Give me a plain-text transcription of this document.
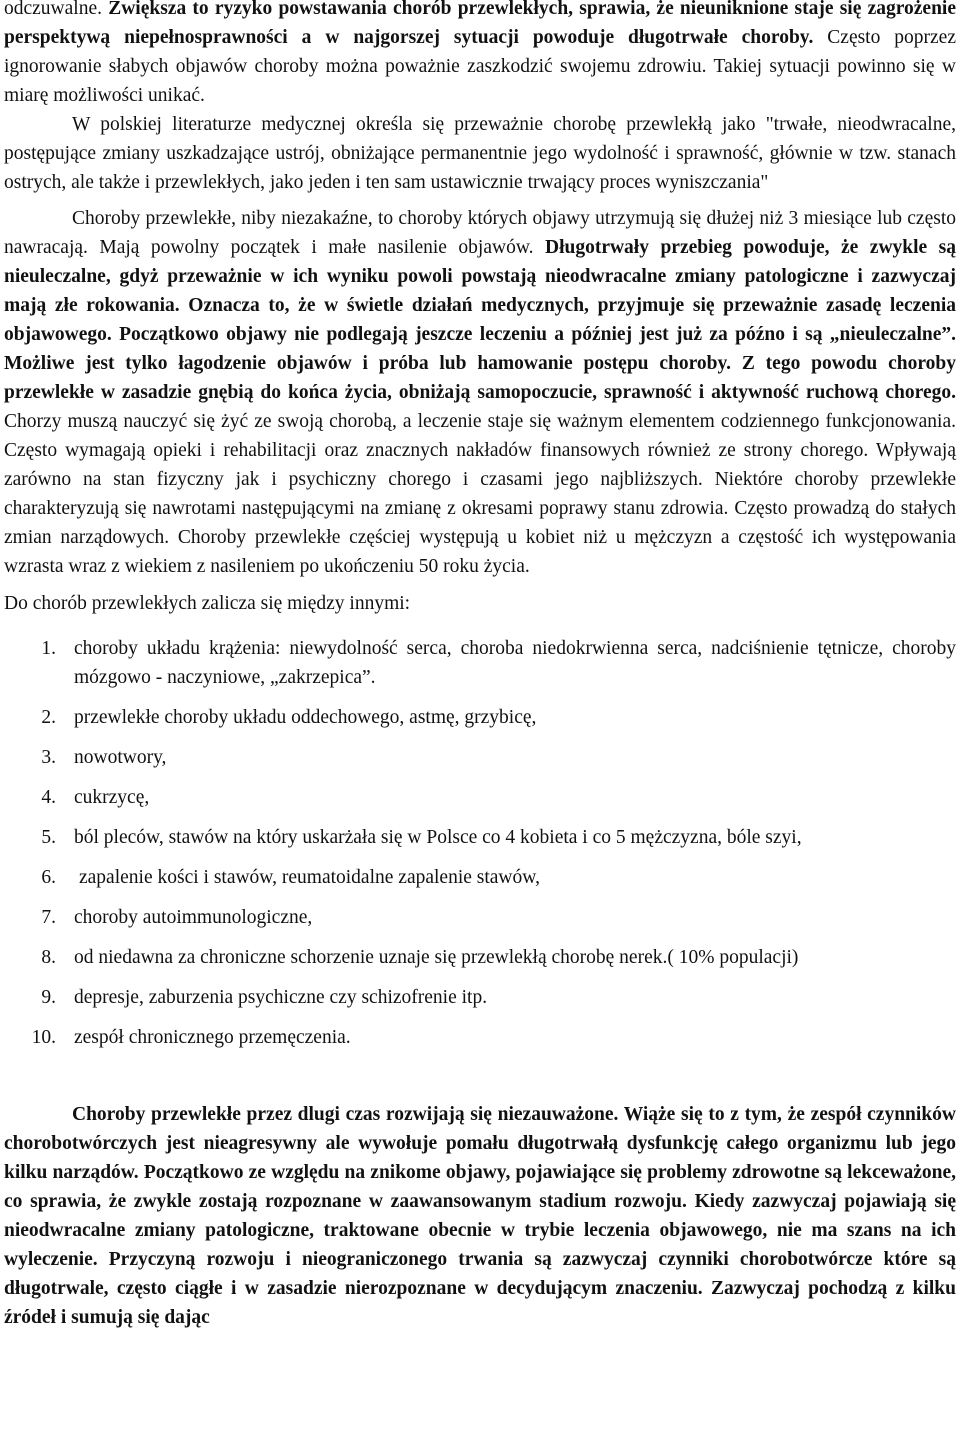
odczuwalne. Zwiększa to ryzyko powstawania chorób przewlekłych, sprawia, że nieuniknione staje się zagrożenie perspektywą niepełnosprawności a w najgorszej sytuacji powoduje długotrwałe choroby. Często poprzez ignorowanie słabych objawów choroby można poważnie zaszkodzić swojemu zdrowiu. Takiej sytuacji powinno się w miarę możliwości unikać.

W polskiej literaturze medycznej określa się przeważnie chorobę przewlekłą jako "trwałe, nieodwracalne, postępujące zmiany uszkadzające ustrój, obniżające permanentnie jego wydolność i sprawność, głównie w tzw. stanach ostrych, ale także i przewlekłych, jako jeden i ten sam ustawicznie trwający proces wyniszczania"

Choroby przewlekłe, niby niezakaźne, to choroby których objawy utrzymują się dłużej niż 3 miesiące lub często nawracają. Mają powolny początek i małe nasilenie objawów. Długotrwały przebieg powoduje, że zwykle są nieuleczalne, gdyż przeważnie w ich wyniku powoli powstają nieodwracalne zmiany patologiczne i zazwyczaj mają złe rokowania. Oznacza to, że w świetle działań medycznych, przyjmuje się przeważnie zasadę leczenia objawowego. Początkowo objawy nie podlegają jeszcze leczeniu a później jest już za późno i są „nieuleczalne”. Możliwe jest tylko łagodzenie objawów i próba lub hamowanie postępu choroby. Z tego powodu choroby przewlekłe w zasadzie gnębią do końca życia, obniżają samopoczucie, sprawność i aktywność ruchową chorego. Chorzy muszą nauczyć się żyć ze swoją chorobą, a leczenie staje się ważnym elementem codziennego funkcjonowania. Często wymagają opieki i rehabilitacji oraz znacznych nakładów finansowych również ze strony chorego. Wpływają zarówno na stan fizyczny jak i psychiczny chorego i czasami jego najbliższych. Niektóre choroby przewlekłe charakteryzują się nawrotami następującymi na zmianę z okresami poprawy stanu zdrowia. Często prowadzą do stałych zmian narządowych. Choroby przewlekłe częściej występują u kobiet niż u mężczyzn a częstość ich występowania wzrasta wraz z wiekiem z nasileniem po ukończeniu 50 roku życia.

Do chorób przewlekłych zalicza się między innymi:

1. choroby układu krążenia: niewydolność serca, choroba niedokrwienna serca, nadciśnienie tętnicze, choroby mózgowo - naczyniowe, „zakrzepica”.
2. przewlekłe choroby układu oddechowego, astmę, grzybicę,
3. nowotwory,
4. cukrzycę,
5. ból pleców, stawów na który uskarżała się w Polsce co 4 kobieta i co 5 mężczyzna, bóle szyi,
6. zapalenie kości i stawów, reumatoidalne zapalenie stawów,
7. choroby autoimmunologiczne,
8. od niedawna za chroniczne schorzenie uznaje się przewlekłą chorobę nerek.( 10% populacji)
9. depresje, zaburzenia psychiczne czy schizofrenie itp.
10. zespół chronicznego przemęczenia.

Choroby przewlekłe przez dlugi czas rozwijają się niezauważone. Wiąże się to z tym, że zespół czynników chorobotwórczych jest nieagresywny ale wywołuje pomału długotrwałą dysfunkcję całego organizmu lub jego kilku narządów. Początkowo ze względu na znikome objawy, pojawiające się problemy zdrowotne są lekceważone, co sprawia, że zwykle zostają rozpoznane w zaawansowanym stadium rozwoju. Kiedy zazwyczaj pojawiają się nieodwracalne zmiany patologiczne, traktowane obecnie w trybie leczenia objawowego, nie ma szans na ich wyleczenie. Przyczyną rozwoju i nieograniczonego trwania są zazwyczaj czynniki chorobotwórcze które są długotrwale, często ciągłe i w zasadzie nierozpoznane w decydującym znaczeniu. Zazwyczaj pochodzą z kilku źródeł i sumują się dając
